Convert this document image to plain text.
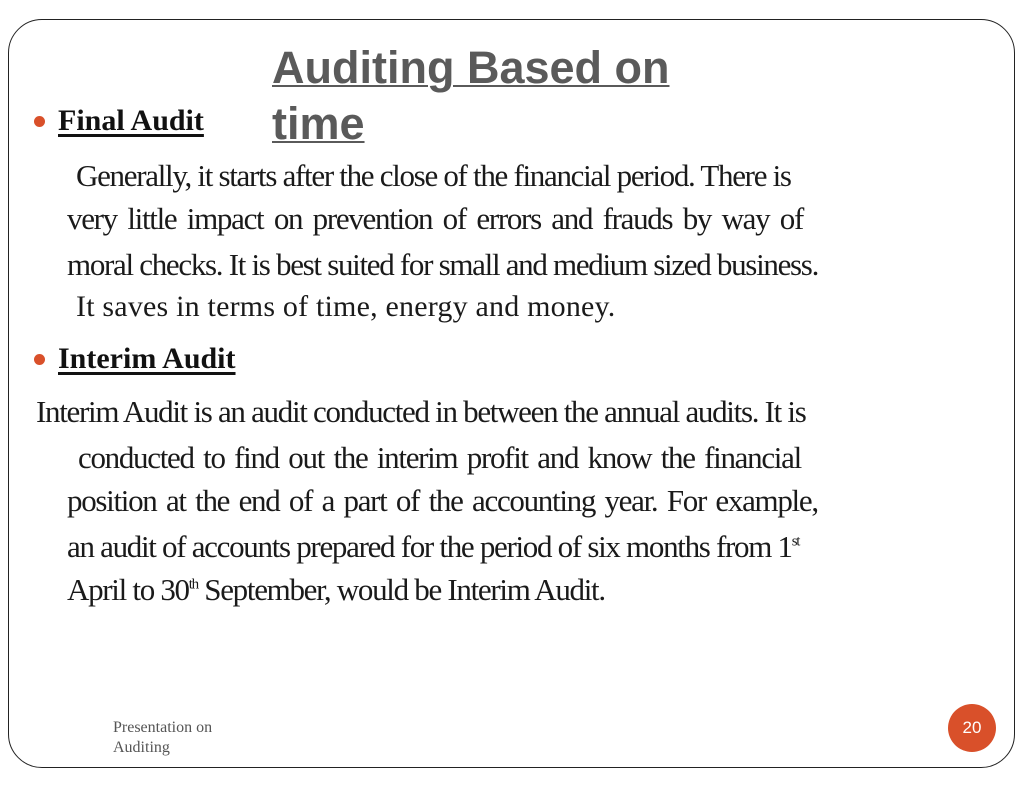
Auditing Based on time
Final Audit
Generally, it starts after the close of the financial period. There is
very little impact on prevention of errors and frauds by way of
moral checks. It is best suited for small and medium sized business.
It saves in terms of time, energy and money.
Interim Audit
Interim Audit is an audit conducted in between the annual audits. It is
conducted to find out the interim profit and know the financial
position at the end of a part of the accounting year. For example,
an audit of accounts prepared for the period of six months from 1st
April to 30th September, would be Interim Audit.
Presentation on Auditing
20
